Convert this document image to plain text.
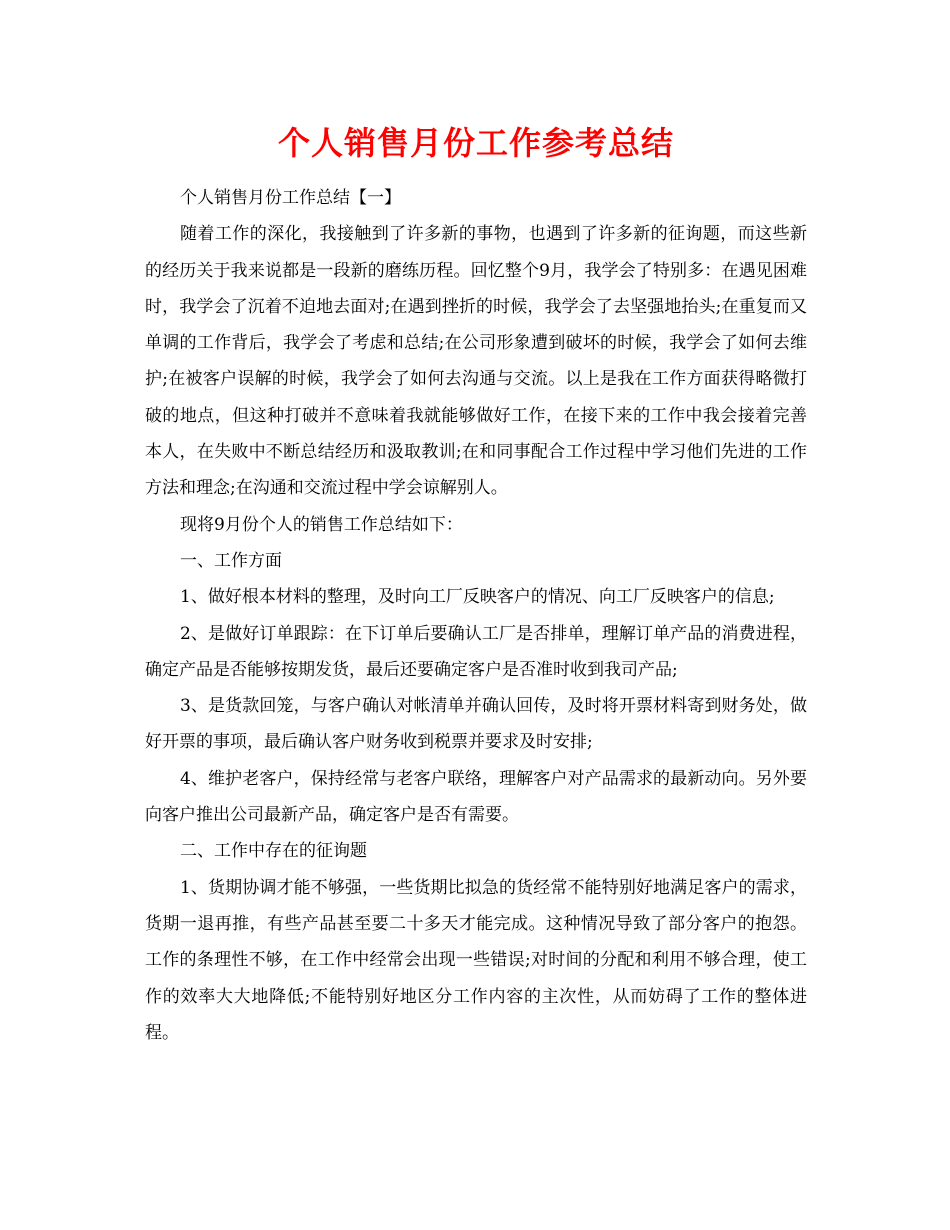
个人销售月份工作参考总结

个人销售月份工作总结【一】

随着工作的深化，我接触到了许多新的事物，也遇到了许多新的征询题，而这些新的经历关于我来说都是一段新的磨练历程。回忆整个9月，我学会了特别多：在遇见困难时，我学会了沉着不迫地去面对;在遇到挫折的时候，我学会了去坚强地抬头;在重复而又单调的工作背后，我学会了考虑和总结;在公司形象遭到破坏的时候，我学会了如何去维护;在被客户误解的时候，我学会了如何去沟通与交流。以上是我在工作方面获得略微打破的地点，但这种打破并不意味着我就能够做好工作，在接下来的工作中我会接着完善本人，在失败中不断总结经历和汲取教训;在和同事配合工作过程中学习他们先进的工作方法和理念;在沟通和交流过程中学会谅解别人。

现将9月份个人的销售工作总结如下：

一、工作方面

1、做好根本材料的整理，及时向工厂反映客户的情况、向工厂反映客户的信息;

2、是做好订单跟踪：在下订单后要确认工厂是否排单，理解订单产品的消费进程，确定产品是否能够按期发货，最后还要确定客户是否准时收到我司产品;

3、是货款回笼，与客户确认对帐清单并确认回传，及时将开票材料寄到财务处，做好开票的事项，最后确认客户财务收到税票并要求及时安排;

4、维护老客户，保持经常与老客户联络，理解客户对产品需求的最新动向。另外要向客户推出公司最新产品，确定客户是否有需要。

二、工作中存在的征询题

1、货期协调才能不够强，一些货期比拟急的货经常不能特别好地满足客户的需求，货期一退再推，有些产品甚至要二十多天才能完成。这种情况导致了部分客户的抱怨。工作的条理性不够，在工作中经常会出现一些错误;对时间的分配和利用不够合理，使工作的效率大大地降低;不能特别好地区分工作内容的主次性，从而妨碍了工作的整体进程。
